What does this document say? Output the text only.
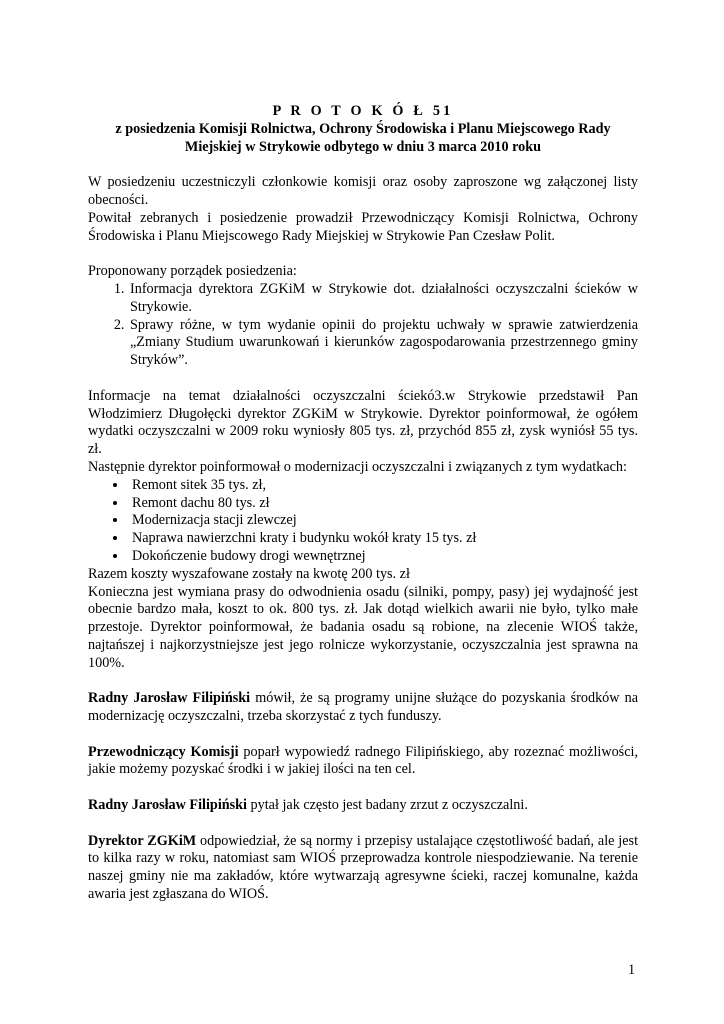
P R O T O K Ó Ł 51
z posiedzenia Komisji Rolnictwa, Ochrony Środowiska i Planu Miejscowego Rady
Miejskiej w Strykowie odbytego w dniu 3 marca 2010 roku

W posiedzeniu uczestniczyli członkowie komisji oraz osoby zaproszone wg załączonej listy obecności.

Powitał zebranych i posiedzenie prowadził Przewodniczący Komisji Rolnictwa, Ochrony Środowiska i Planu Miejscowego Rady Miejskiej w Strykowie Pan Czesław Polit.

Proponowany porządek posiedzenia:

1. Informacja dyrektora ZGKiM w Strykowie dot. działalności oczyszczalni ścieków w Strykowie.
2. Sprawy różne, w tym wydanie opinii do projektu uchwały w sprawie zatwierdzenia „Zmiany Studium uwarunkowań i kierunków zagospodarowania przestrzennego gminy Stryków”.

Informacje na temat działalności oczyszczalni ściekó3.w Strykowie przedstawił Pan Włodzimierz Długołęcki dyrektor ZGKiM w Strykowie. Dyrektor poinformował, że ogółem wydatki oczyszczalni w 2009 roku wyniosły 805 tys. zł, przychód 855 zł, zysk wyniósł 55 tys. zł.

Następnie dyrektor poinformował o modernizacji oczyszczalni i związanych z tym wydatkach:

• Remont sitek 35 tys. zł,
• Remont dachu 80 tys. zł
• Modernizacja stacji zlewczej
• Naprawa nawierzchni kraty i budynku wokół kraty 15 tys. zł
• Dokończenie budowy drogi wewnętrznej

Razem koszty wyszafowane zostały na kwotę 200 tys. zł

Konieczna jest wymiana prasy do odwodnienia osadu (silniki, pompy, pasy) jej wydajność jest obecnie bardzo mała, koszt to ok. 800 tys. zł. Jak dotąd wielkich awarii nie było, tylko małe przestoje. Dyrektor poinformował, że badania osadu są robione, na zlecenie WIOŚ także, najtańszej i najkorzystniejsze jest jego rolnicze wykorzystanie, oczyszczalnia jest sprawna na 100%.

Radny Jarosław Filipiński mówił, że są programy unijne służące do pozyskania środków na modernizację oczyszczalni, trzeba skorzystać z tych funduszy.

Przewodniczący Komisji poparł wypowiedź radnego Filipińskiego, aby rozeznać możliwości, jakie możemy pozyskać środki i w jakiej ilości na ten cel.

Radny Jarosław Filipiński pytał jak często jest badany zrzut z oczyszczalni.

Dyrektor ZGKiM odpowiedział, że są normy i przepisy ustalające częstotliwość badań, ale jest to kilka razy w roku, natomiast sam WIOŚ przeprowadza kontrole niespodziewanie. Na terenie naszej gminy nie ma zakładów, które wytwarzają agresywne ścieki, raczej komunalne, każda awaria jest zgłaszana do WIOŚ.

1
